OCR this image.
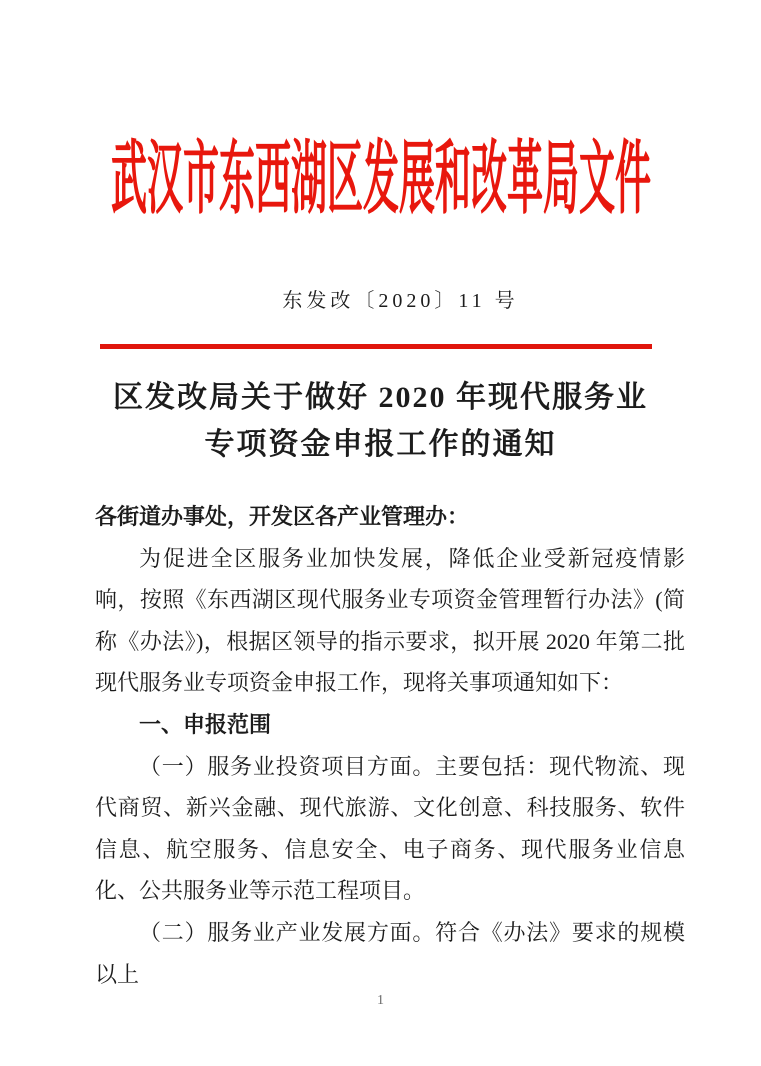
武汉市东西湖区发展和改革局文件
东发改〔2020〕11 号
区发改局关于做好 2020 年现代服务业
专项资金申报工作的通知
各街道办事处，开发区各产业管理办：

为促进全区服务业加快发展，降低企业受新冠疫情影响，按照《东西湖区现代服务业专项资金管理暂行办法》(简称《办法》)，根据区领导的指示要求，拟开展 2020 年第二批现代服务业专项资金申报工作，现将关事项通知如下：

一、申报范围

（一）服务业投资项目方面。主要包括：现代物流、现代商贸、新兴金融、现代旅游、文化创意、科技服务、软件信息、航空服务、信息安全、电子商务、现代服务业信息化、公共服务业等示范工程项目。

（二）服务业产业发展方面。符合《办法》要求的规模以上

1
